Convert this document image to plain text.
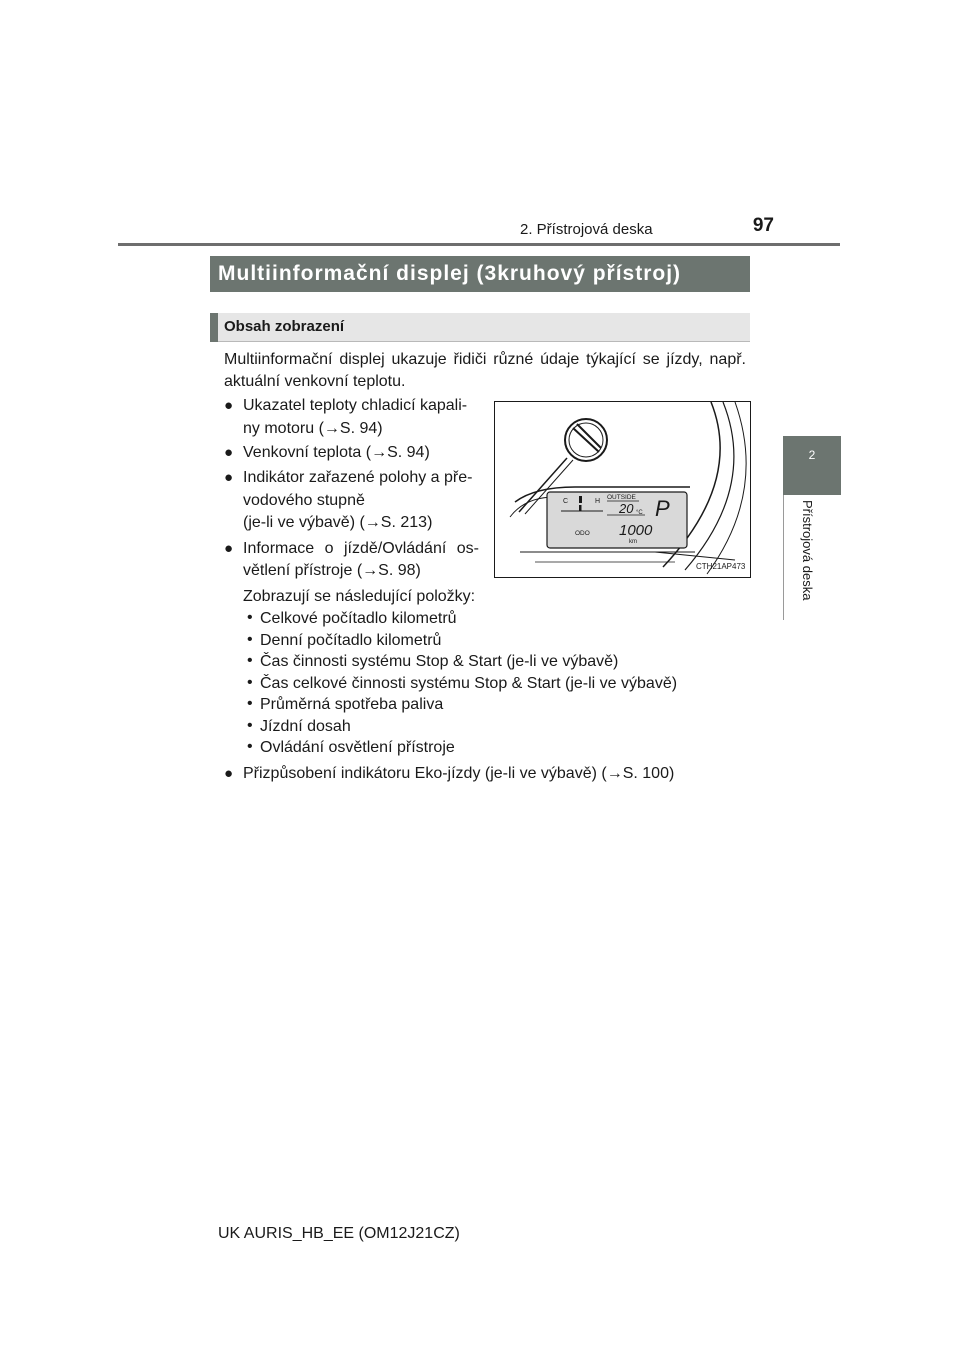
2. Přístrojová deska	97
2
Přístrojová deska
Multiinformační displej (3kruhový přístroj)
Obsah zobrazení
Multiinformační displej ukazuje řidiči různé údaje týkající se jízdy, např. aktuální venkovní teplotu.
● Ukazatel teploty chladicí kapali-
ny motoru (→S. 94)
● Venkovní teplota (→S. 94)
● Indikátor zařazené polohy a pře-
vodového stupně
(je-li ve výbavě) (→S. 213)
● Informace o jízdě/Ovládání os-
větlení přístroje (→S. 98)
C	H
OUTSIDE
20 °C P
ODO 1000
km
CTH21AP473
Zobrazují se následující položky:
• Celkové počítadlo kilometrů
• Denní počítadlo kilometrů
• Čas činnosti systému Stop & Start (je-li ve výbavě)
• Čas celkové činnosti systému Stop & Start (je-li ve výbavě)
• Průměrná spotřeba paliva
• Jízdní dosah
• Ovládání osvětlení přístroje
● Přizpůsobení indikátoru Eko-jízdy (je-li ve výbavě) (→S. 100)
UK AURIS_HB_EE (OM12J21CZ)
